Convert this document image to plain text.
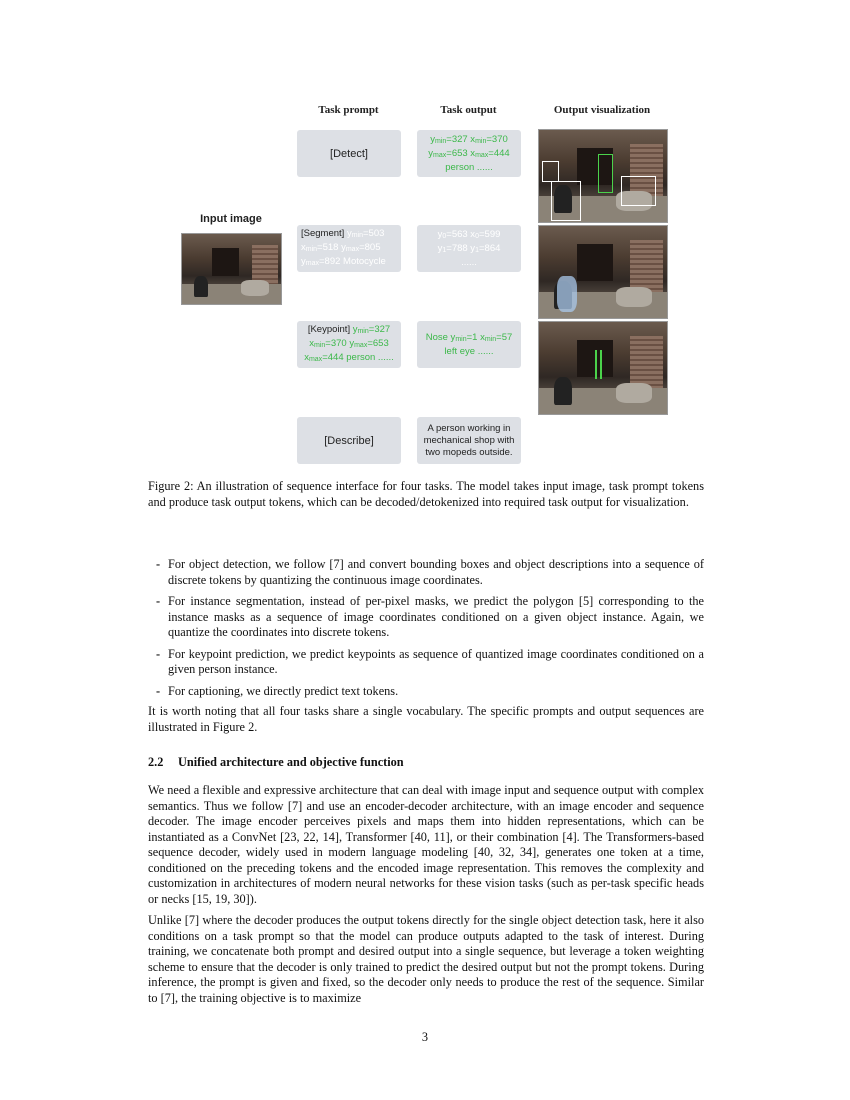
Task prompt	Task output	Output visualization
Input image
[Detect]
$y_{min}=327$ $x_{min}=370$
$y_{max}=653$ $x_{max}=444$
person ......
[Segment] $y_{min}=503$
$x_{min}=518$ $y_{max}=805$
$y_{max}=892$ Motocycle
$y_0=563$ $x_0=599$
$y_1=788$ $y_1=864$
......
[Keypoint] $y_{min}=327$
$x_{min}=370$ $y_{max}=653$
$x_{max}=444$ person ......
Nose $y_{min}=1$ $x_{min}=57$
left eye ......
[Describe]
A person working in mechanical shop with two mopeds outside.
Figure 2: An illustration of sequence interface for four tasks. The model takes input image, task prompt tokens and produce task output tokens, which can be decoded/detokenized into required task output for visualization.
- For object detection, we follow [7] and convert bounding boxes and object descriptions into a sequence of discrete tokens by quantizing the continuous image coordinates.
- For instance segmentation, instead of per-pixel masks, we predict the polygon [5] corresponding to the instance masks as a sequence of image coordinates conditioned on a given object instance. Again, we quantize the coordinates into discrete tokens.
- For keypoint prediction, we predict keypoints as sequence of quantized image coordinates conditioned on a given person instance.
- For captioning, we directly predict text tokens.

It is worth noting that all four tasks share a single vocabulary. The specific prompts and output sequences are illustrated in Figure 2.

2.2 Unified architecture and objective function

We need a flexible and expressive architecture that can deal with image input and sequence output with complex semantics. Thus we follow [7] and use an encoder-decoder architecture, with an image encoder and sequence decoder. The image encoder perceives pixels and maps them into hidden representations, which can be instantiated as a ConvNet [23, 22, 14], Transformer [40, 11], or their combination [4]. The Transformers-based sequence decoder, widely used in modern language modeling [40, 32, 34], generates one token at a time, conditioned on the preceding tokens and the encoded image representation. This removes the complexity and customization in architectures of modern neural networks for these vision tasks (such as per-task specific heads or necks [15, 19, 30]).

Unlike [7] where the decoder produces the output tokens directly for the single object detection task, here it also conditions on a task prompt so that the model can produce outputs adapted to the task of interest. During training, we concatenate both prompt and desired output into a single sequence, but leverage a token weighting scheme to ensure that the decoder is only trained to predict the desired output but not the prompt tokens. During inference, the prompt is given and fixed, so the decoder only needs to produce the rest of the sequence. Similar to [7], the training objective is to maximize

3
